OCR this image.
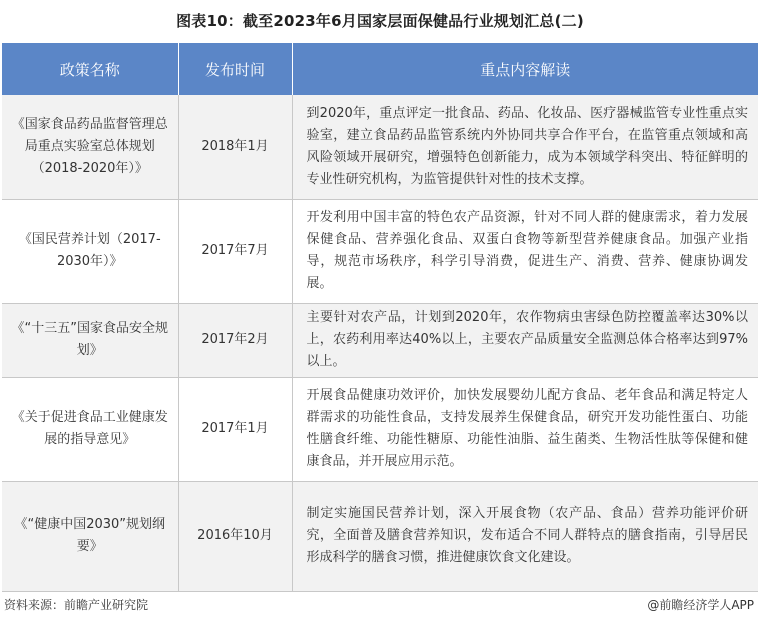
图表10：截至2023年6月国家层面保健品行业规划汇总(二)
政策名称	发布时间	重点内容解读
《国家食品药品监督管理总局重点实验室总体规划（2018-2020年）》	2018年1月	到2020年，重点评定一批食品、药品、化妆品、医疗器械监管专业性重点实验室，建立食品药品监管系统内外协同共享合作平台，在监管重点领域和高风险领域开展研究，增强特色创新能力，成为本领域学科突出、特征鲜明的专业性研究机构，为监管提供针对性的技术支撑。
《国民营养计划（2017-2030年）》	2017年7月	开发利用中国丰富的特色农产品资源，针对不同人群的健康需求，着力发展保健食品、营养强化食品、双蛋白食物等新型营养健康食品。加强产业指导，规范市场秩序，科学引导消费，促进生产、消费、营养、健康协调发展。
《“十三五”国家食品安全规划》	2017年2月	主要针对农产品，计划到2020年，农作物病虫害绿色防控覆盖率达30%以上，农药利用率达40%以上，主要农产品质量安全监测总体合格率达到97%以上。
《关于促进食品工业健康发展的指导意见》	2017年1月	开展食品健康功效评价，加快发展婴幼儿配方食品、老年食品和满足特定人群需求的功能性食品，支持发展养生保健食品，研究开发功能性蛋白、功能性膳食纤维、功能性糖原、功能性油脂、益生菌类、生物活性肽等保健和健康食品，并开展应用示范。
《“健康中国2030”规划纲要》	2016年10月	制定实施国民营养计划，深入开展食物（农产品、食品）营养功能评价研究，全面普及膳食营养知识，发布适合不同人群特点的膳食指南，引导居民形成科学的膳食习惯，推进健康饮食文化建设。
资料来源：前瞻产业研究院	@前瞻经济学人APP
